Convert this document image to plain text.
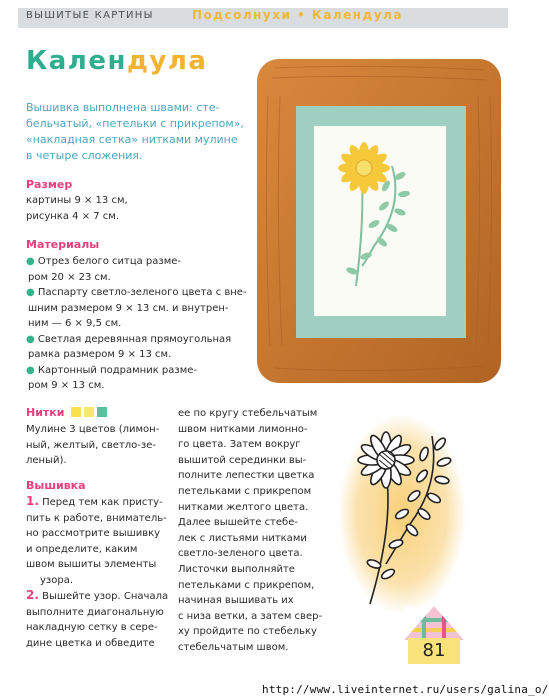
ВЫШИТЫЕ КАРТИНЫ	Подсолнухи • Календула
Календула
Вышивка выполнена швами: сте-
бельчатый, «петельки с прикрепом»,
«накладная сетка» нитками мулине
в четыре сложения.
Размер
картины 9 × 13 см,
рисунка 4 × 7 см.
Материалы
● Отрез белого ситца разме-
ром 20 × 23 см.
● Паспарту светло-зеленого цвета с вне-
шним размером 9 × 13 см. и внутрен-
ним — 6 × 9,5 см.
● Светлая деревянная прямоугольная
рамка размером 9 × 13 см.
● Картонный подрамник разме-
ром 9 × 13 см.
Нитки
Мулине 3 цветов (лимон-
ный, желтый, светло-зе-
леный).
Вышивка
1. Перед тем как присту-
пить к работе, вниматель-
но рассмотрите вышивку
и определите, каким
швом вышиты элементы
узора.
2. Вышейте узор. Сначала
выполните диагональную
накладную сетку в сере-
дине цветка и обведите
ее по кругу стебельчатым
швом нитками лимонно-
го цвета. Затем вокруг
вышитой серединки вы-
полните лепестки цветка
петельками с прикрепом
нитками желтого цвета.
Далее вышейте стебе-
лек с листьями нитками
светло-зеленого цвета.
Листочки выполняйте
петельками с прикрепом,
начиная вышивать их
с низа ветки, а затем свер-
ху пройдите по стебельку
стебельчатым швом.	81
http://www.liveinternet.ru/users/galina_o/
